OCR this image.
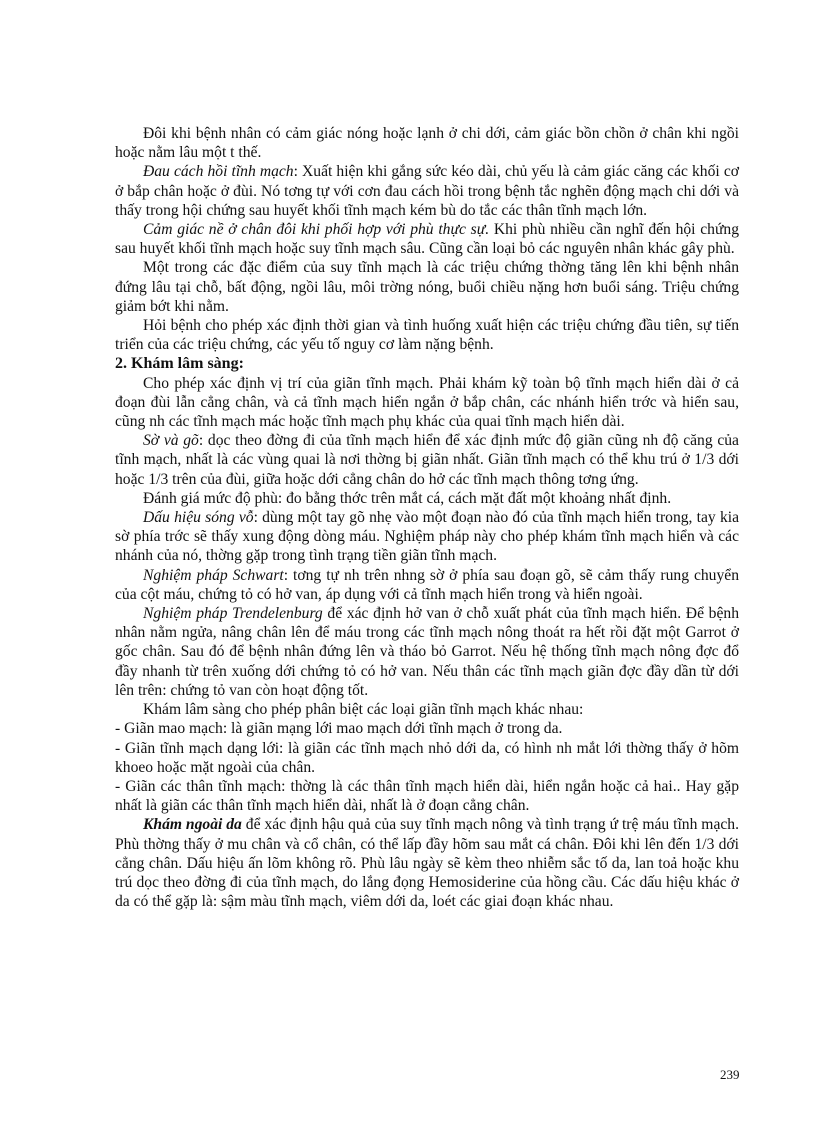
Đôi khi bệnh nhân có cảm giác nóng hoặc lạnh ở chi dới, cảm giác bồn chồn ở chân khi ngồi hoặc nằm lâu một t thế.

Đau cách hồi tĩnh mạch: Xuất hiện khi gắng sức kéo dài, chủ yếu là cảm giác căng các khối cơ ở bắp chân hoặc ở đùi. Nó tơng tự với cơn đau cách hồi trong bệnh tắc nghẽn động mạch chi dới và thấy trong hội chứng sau huyết khối tĩnh mạch kém bù do tắc các thân tĩnh mạch lớn.

Cảm giác nề ở chân đôi khi phối hợp với phù thực sự. Khi phù nhiều cần nghĩ đến hội chứng sau huyết khối tĩnh mạch hoặc suy tĩnh mạch sâu. Cũng cần loại bỏ các nguyên nhân khác gây phù.

Một trong các đặc điểm của suy tĩnh mạch là các triệu chứng thờng tăng lên khi bệnh nhân đứng lâu tại chỗ, bất động, ngồi lâu, môi trờng nóng, buổi chiều nặng hơn buổi sáng. Triệu chứng giảm bớt khi nằm.

Hỏi bệnh cho phép xác định thời gian và tình huống xuất hiện các triệu chứng đầu tiên, sự tiến triển của các triệu chứng, các yếu tố nguy cơ làm nặng bệnh.

2. Khám lâm sàng:

Cho phép xác định vị trí của giãn tĩnh mạch. Phải khám kỹ toàn bộ tĩnh mạch hiển dài ở cả đoạn đùi lẫn cẳng chân, và cả tĩnh mạch hiển ngắn ở bắp chân, các nhánh hiển trớc và hiển sau, cũng nh các tĩnh mạch mác hoặc tĩnh mạch phụ khác của quai tĩnh mạch hiển dài.

Sờ và gõ: dọc theo đờng đi của tĩnh mạch hiển để xác định mức độ giãn cũng nh độ căng của tĩnh mạch, nhất là các vùng quai là nơi thờng bị giãn nhất. Giãn tĩnh mạch có thể khu trú ở 1/3 dới hoặc 1/3 trên của đùi, giữa hoặc dới cẳng chân do hở các tĩnh mạch thông tơng ứng.

Đánh giá mức độ phù: đo bằng thớc trên mắt cá, cách mặt đất một khoảng nhất định.

Dấu hiệu sóng vỗ: dùng một tay gõ nhẹ vào một đoạn nào đó của tĩnh mạch hiển trong, tay kia sờ phía trớc sẽ thấy xung động dòng máu. Nghiệm pháp này cho phép khám tĩnh mạch hiển và các nhánh của nó, thờng gặp trong tình trạng tiền giãn tĩnh mạch.

Nghiệm pháp Schwart: tơng tự nh trên nhng sờ ở phía sau đoạn gõ, sẽ cảm thấy rung chuyển của cột máu, chứng tỏ có hở van, áp dụng với cả tĩnh mạch hiển trong và hiển ngoài.

Nghiệm pháp Trendelenburg để xác định hở van ở chỗ xuất phát của tĩnh mạch hiển. Để bệnh nhân nằm ngửa, nâng chân lên để máu trong các tĩnh mạch nông thoát ra hết rồi đặt một Garrot ở gốc chân. Sau đó để bệnh nhân đứng lên và tháo bỏ Garrot. Nếu hệ thống tĩnh mạch nông đợc đổ đầy nhanh từ trên xuống dới chứng tỏ có hở van. Nếu thân các tĩnh mạch giãn đợc đầy dần từ dới lên trên: chứng tỏ van còn hoạt động tốt.

Khám lâm sàng cho phép phân biệt các loại giãn tĩnh mạch khác nhau:

- Giãn mao mạch: là giãn mạng lới mao mạch dới tĩnh mạch ở trong da.

- Giãn tĩnh mạch dạng lới: là giãn các tĩnh mạch nhỏ dới da, có hình nh mắt lới thờng thấy ở hõm khoeo hoặc mặt ngoài của chân.

- Giãn các thân tĩnh mạch: thờng là các thân tĩnh mạch hiển dài, hiển ngắn hoặc cả hai.. Hay gặp nhất là giãn các thân tĩnh mạch hiển dài, nhất là ở đoạn cẳng chân.

Khám ngoài da để xác định hậu quả của suy tĩnh mạch nông và tình trạng ứ trệ máu tĩnh mạch. Phù thờng thấy ở mu chân và cổ chân, có thể lấp đầy hõm sau mắt cá chân. Đôi khi lên đến 1/3 dới cẳng chân. Dấu hiệu ấn lõm không rõ. Phù lâu ngày sẽ kèm theo nhiễm sắc tố da, lan toả hoặc khu trú dọc theo đờng đi của tĩnh mạch, do lắng đọng Hemosiderine của hồng cầu. Các dấu hiệu khác ở da có thể gặp là: sậm màu tĩnh mạch, viêm dới da, loét các giai đoạn khác nhau.

239
